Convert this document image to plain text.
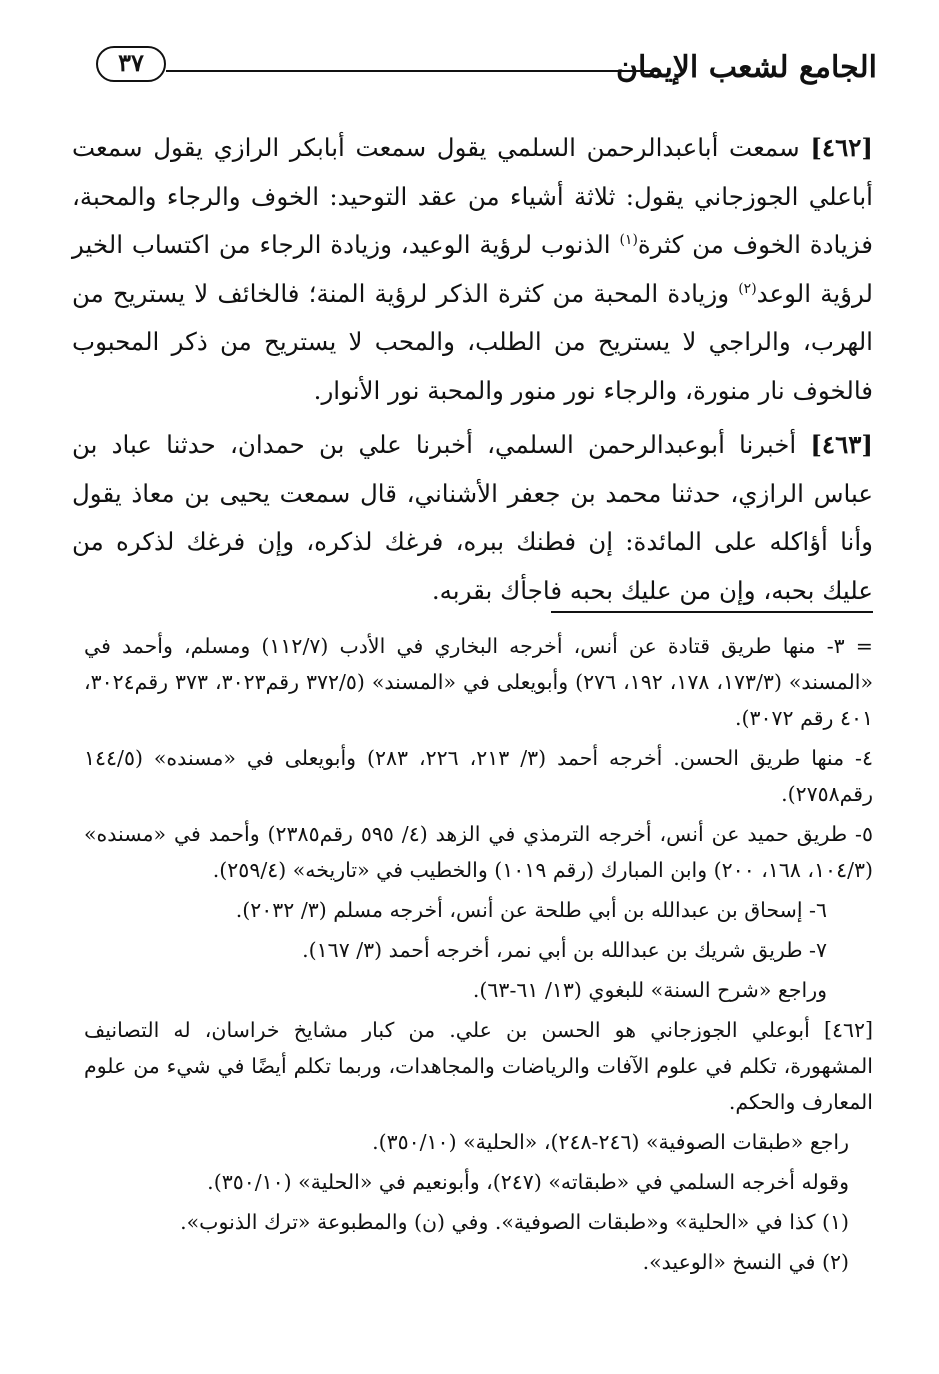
الجامع لشعب الإيمان
٣٧

[٤٦٢] سمعت أباعبدالرحمن السلمي يقول سمعت أبابكر الرازي يقول سمعت أباعلي الجوزجاني يقول: ثلاثة أشياء من عقد التوحيد: الخوف والرجاء والمحبة، فزيادة الخوف من كثرة$^{(١)}$ الذنوب لرؤية الوعيد، وزيادة الرجاء من اكتساب الخير لرؤية الوعد$^{(٢)}$ وزيادة المحبة من كثرة الذكر لرؤية المنة؛ فالخائف لا يستريح من الهرب، والراجي لا يستريح من الطلب، والمحب لا يستريح من ذكر المحبوب فالخوف نار منورة، والرجاء نور منور والمحبة نور الأنوار.

[٤٦٣] أخبرنا أبوعبدالرحمن السلمي، أخبرنا علي بن حمدان، حدثنا عباد بن عباس الرازي، حدثنا محمد بن جعفر الأشناني، قال سمعت يحيى بن معاذ يقول وأنا أؤاكله على المائدة: إن فطنك ببره، فرغك لذكره، وإن فرغك لذكره من عليك بحبه، وإن من عليك بحبه فاجأك بقربه.

= ٣- منها طريق قتادة عن أنس، أخرجه البخاري في الأدب (١١٢/٧) ومسلم، وأحمد في «المسند» (١٧٣/٣، ١٧٨، ١٩٢، ٢٧٦) وأبويعلى في «المسند» (٣٧٢/٥ رقم٣٠٢٣، ٣٧٣ رقم٣٠٢٤، ٤٠١ رقم ٣٠٧٢).

٤- منها طريق الحسن. أخرجه أحمد (٣/ ٢١٣، ٢٢٦، ٢٨٣) وأبويعلى في «مسنده» (١٤٤/٥ رقم٢٧٥٨).

٥- طريق حميد عن أنس، أخرجه الترمذي في الزهد (٤/ ٥٩٥ رقم٢٣٨٥) وأحمد في «مسنده» (١٠٤/٣، ١٦٨، ٢٠٠) وابن المبارك (رقم ١٠١٩) والخطيب في «تاريخه» (٢٥٩/٤).

٦- إسحاق بن عبدالله بن أبي طلحة عن أنس، أخرجه مسلم (٣/ ٢٠٣٢).

٧- طريق شريك بن عبدالله بن أبي نمر، أخرجه أحمد (٣/ ١٦٧).

وراجع «شرح السنة» للبغوي (١٣/ ٦١-٦٣).

[٤٦٢] أبوعلي الجوزجاني هو الحسن بن علي. من كبار مشايخ خراسان، له التصانيف المشهورة، تكلم في علوم الآفات والرياضات والمجاهدات، وربما تكلم أيضًا في شيء من علوم المعارف والحكم.

راجع «طبقات الصوفية» (٢٤٦-٢٤٨)، «الحلية» (٣٥٠/١٠).

وقوله أخرجه السلمي في «طبقاته» (٢٤٧)، وأبونعيم في «الحلية» (٣٥٠/١٠).

(١) كذا في «الحلية» و«طبقات الصوفية». وفي (ن) والمطبوعة «ترك الذنوب».

(٢) في النسخ «الوعيد».
